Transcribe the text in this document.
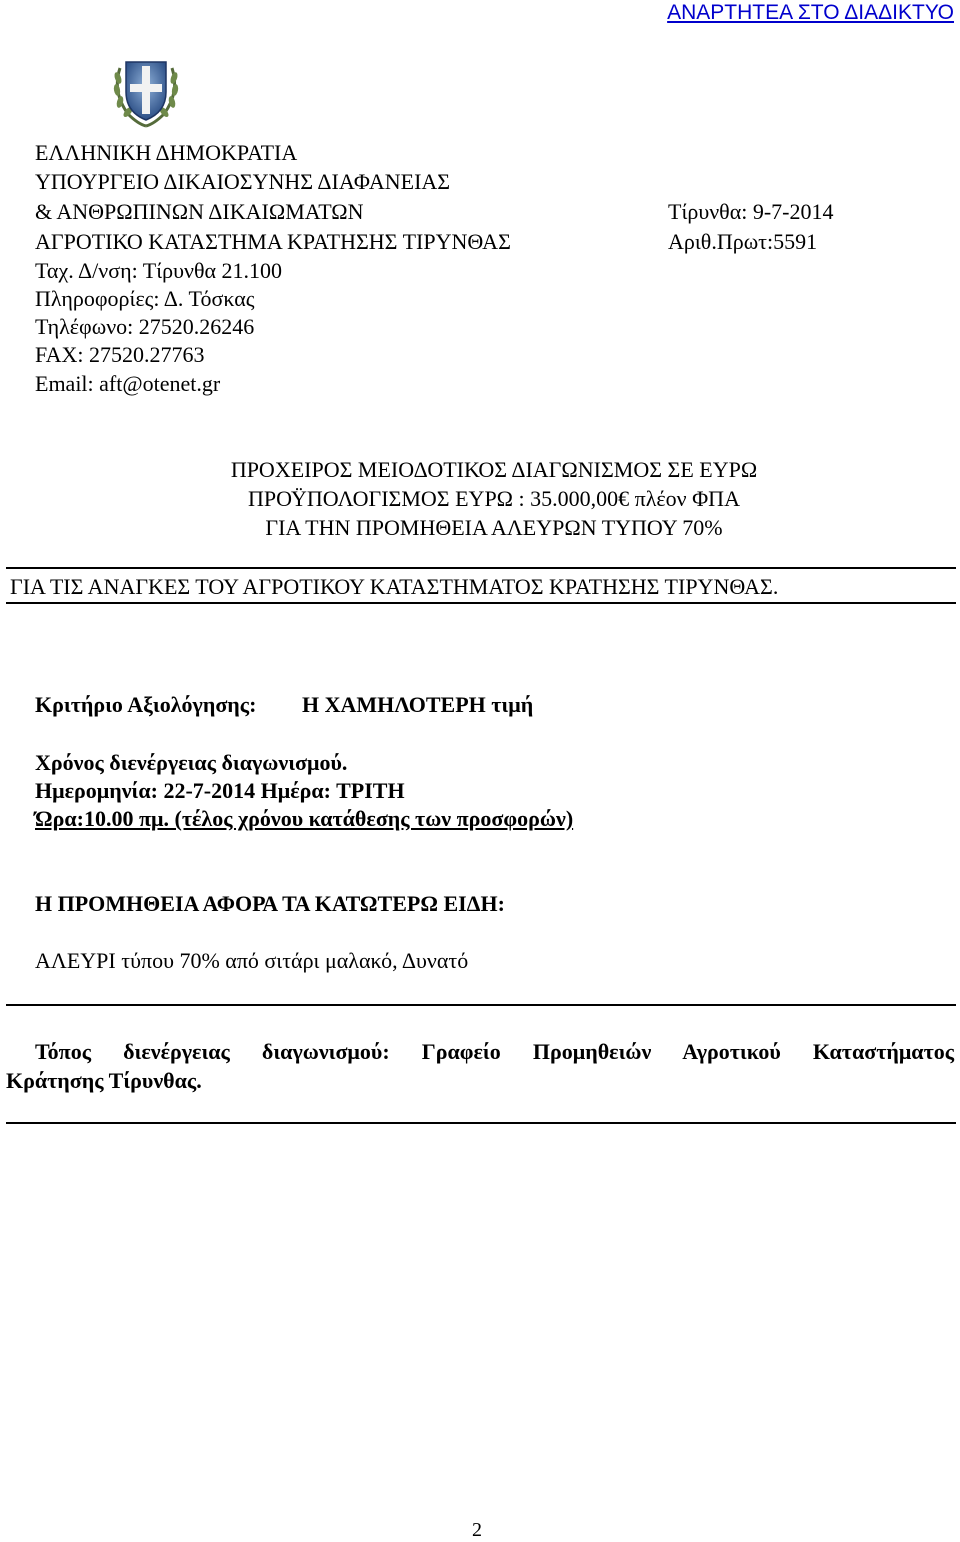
ΑΝΑΡΤΗΤΕΑ ΣΤΟ ΔΙΑΔΙΚΤΥΟ
ΕΛΛΗΝΙΚΗ ΔΗΜΟΚΡΑΤΙΑ
ΥΠΟΥΡΓΕΙΟ ΔΙΚΑΙΟΣΥΝΗΣ ΔΙΑΦΑΝΕΙΑΣ
& ΑΝΘΡΩΠΙΝΩΝ ΔΙΚΑΙΩΜΑΤΩΝ
ΑΓΡΟΤΙΚΟ ΚΑΤΑΣΤΗΜΑ ΚΡΑΤΗΣΗΣ ΤΙΡΥΝΘΑΣ
Ταχ. Δ/νση: Τίρυνθα 21.100
Πληροφορίες: Δ. Τόσκας
Τηλέφωνο: 27520.26246
FAX: 27520.27763
Email: aft@otenet.gr
Τίρυνθα: 9-7-2014
Αριθ.Πρωτ:5591
ΠΡΟΧΕΙΡΟΣ ΜΕΙΟΔΟΤΙΚΟΣ ΔΙΑΓΩΝΙΣΜΟΣ ΣΕ ΕΥΡΩ
ΠΡΟΫΠΟΛΟΓΙΣΜΟΣ ΕΥΡΩ : 35.000,00€ πλέον ΦΠΑ
ΓΙΑ ΤΗΝ ΠΡΟΜΗΘΕΙΑ ΑΛΕΥΡΩΝ ΤΥΠΟΥ 70%
ΓΙΑ ΤΙΣ ΑΝΑΓΚΕΣ ΤΟΥ ΑΓΡΟΤΙΚΟΥ ΚΑΤΑΣΤΗΜΑΤΟΣ ΚΡΑΤΗΣΗΣ ΤΙΡΥΝΘΑΣ.
Κριτήριο Αξιολόγησης: Η ΧΑΜΗΛΟΤΕΡΗ τιμή
Χρόνος διενέργειας διαγωνισμού.
Ημερομηνία: 22-7-2014 Ημέρα: ΤΡΙΤΗ
Ώρα:10.00 πμ. (τέλος χρόνου κατάθεσης των προσφορών)
Η ΠΡΟΜΗΘΕΙΑ ΑΦΟΡΑ ΤΑ ΚΑΤΩΤΕΡΩ ΕΙΔΗ:
ΑΛΕΥΡΙ τύπου 70% από σιτάρι μαλακό, Δυνατό
Τόπος διενέργειας διαγωνισμού: Γραφείο Προμηθειών Αγροτικού Καταστήματος
Κράτησης Τίρυνθας.
2
